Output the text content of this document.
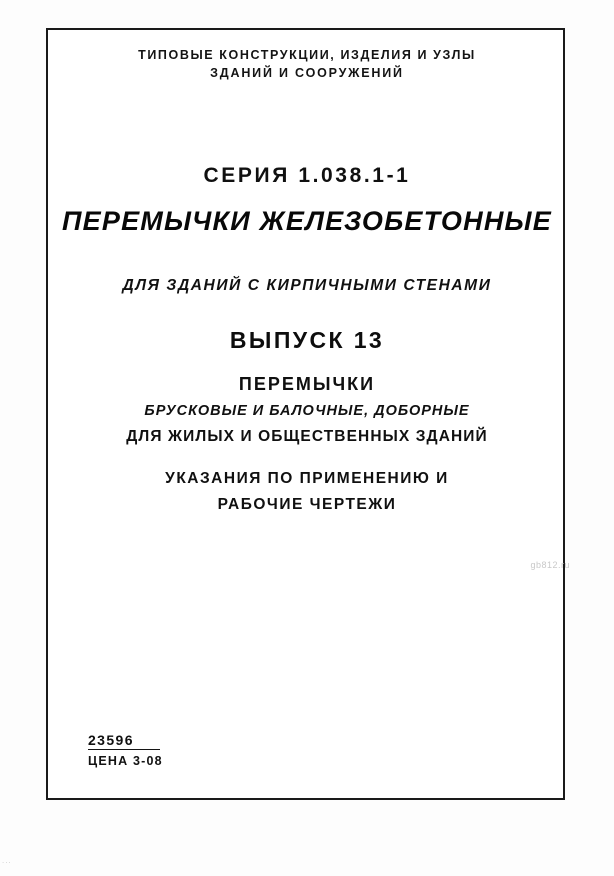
ТИПОВЫЕ КОНСТРУКЦИИ, ИЗДЕЛИЯ И УЗЛЫ
ЗДАНИЙ И СООРУЖЕНИЙ
СЕРИЯ 1.038.1-1
ПЕРЕМЫЧКИ ЖЕЛЕЗОБЕТОННЫЕ
ДЛЯ ЗДАНИЙ С КИРПИЧНЫМИ СТЕНАМИ
ВЫПУСК 13
ПЕРЕМЫЧКИ
БРУСКОВЫЕ И БАЛОЧНЫЕ, ДОБОРНЫЕ
ДЛЯ ЖИЛЫХ И ОБЩЕСТВЕННЫХ ЗДАНИЙ
УКАЗАНИЯ ПО ПРИМЕНЕНИЮ И
РАБОЧИЕ ЧЕРТЕЖИ
23596
ЦЕНА 3-08
gb812.ru
...
